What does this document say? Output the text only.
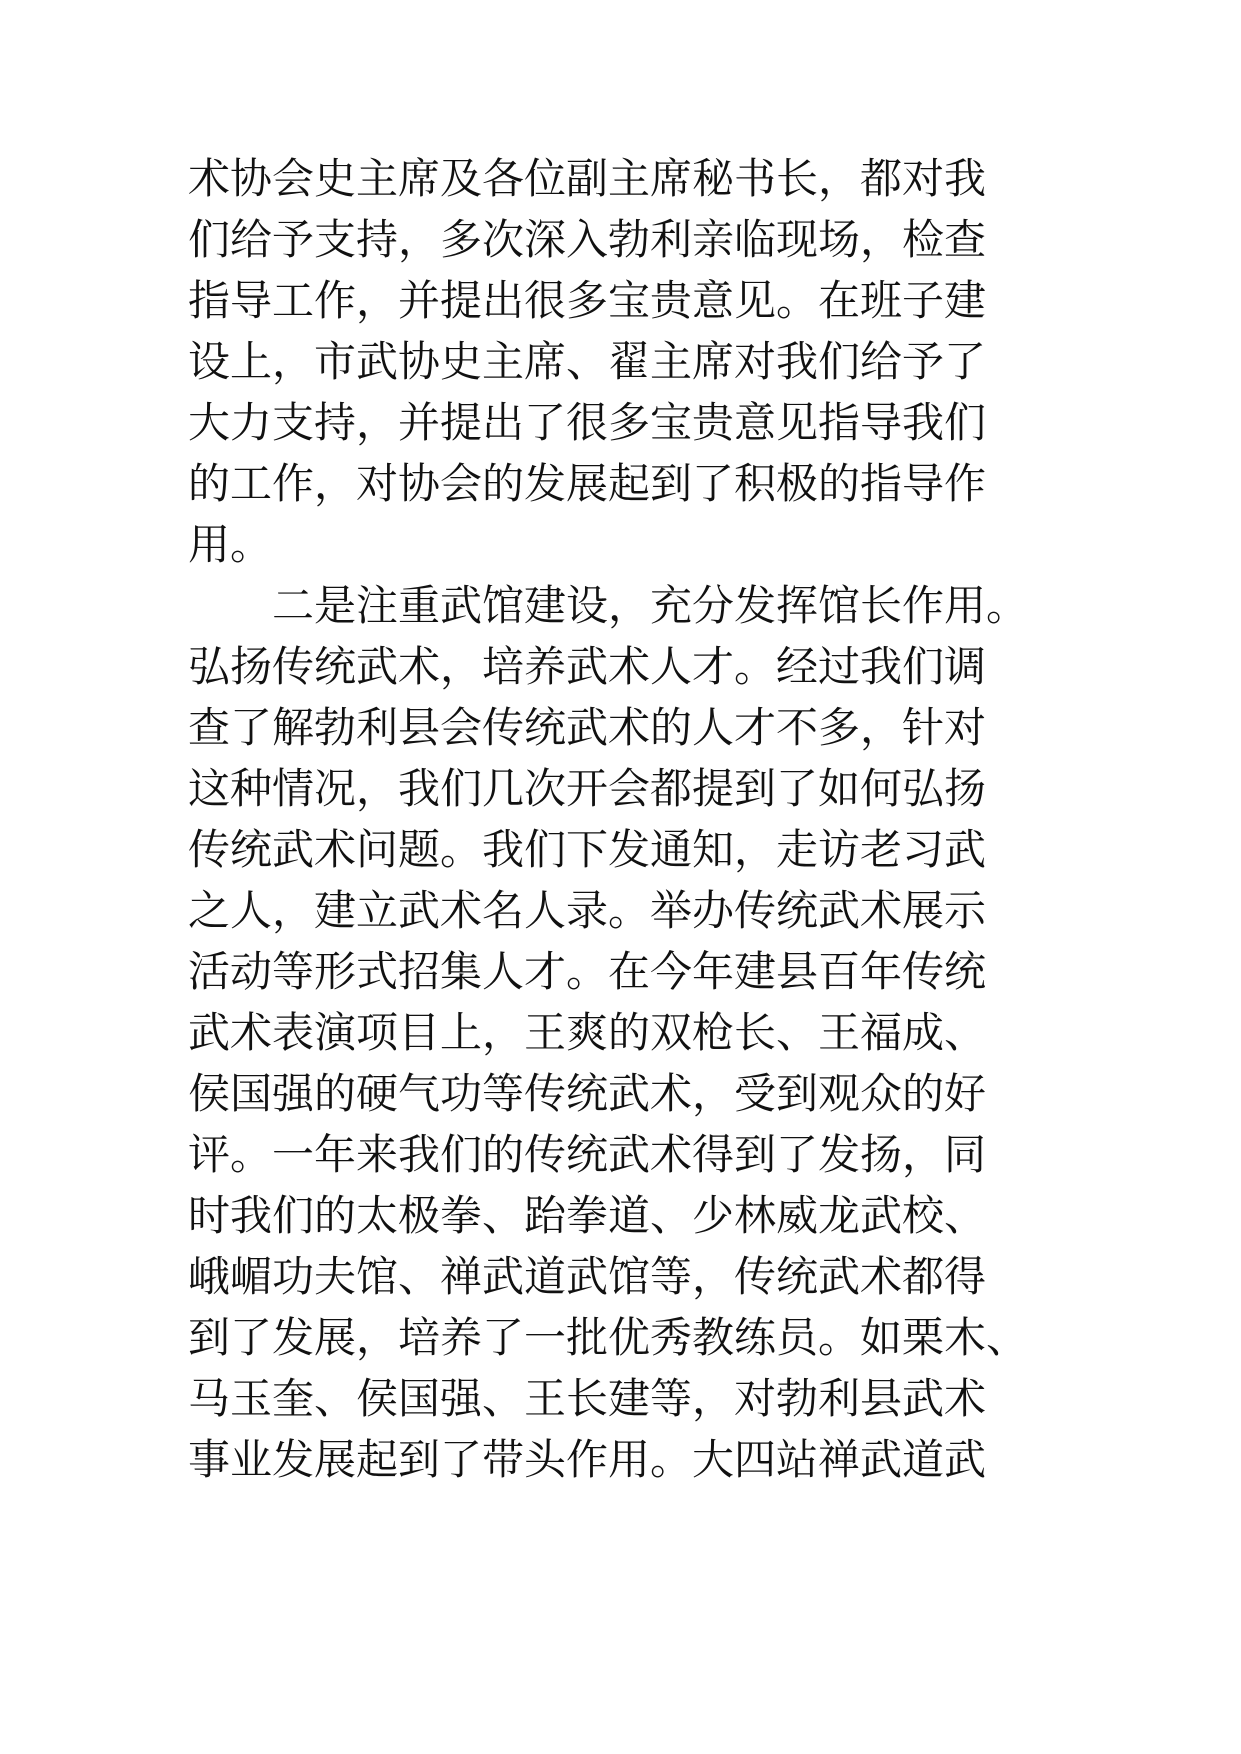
术协会史主席及各位副主席秘书长，都对我
们给予支持，多次深入勃利亲临现场，检查
指导工作，并提出很多宝贵意见。在班子建
设上，市武协史主席、翟主席对我们给予了
大力支持，并提出了很多宝贵意见指导我们
的工作，对协会的发展起到了积极的指导作
用。
　　二是注重武馆建设，充分发挥馆长作用。
弘扬传统武术，培养武术人才。经过我们调
查了解勃利县会传统武术的人才不多，针对
这种情况，我们几次开会都提到了如何弘扬
传统武术问题。我们下发通知，走访老习武
之人，建立武术名人录。举办传统武术展示
活动等形式招集人才。在今年建县百年传统
武术表演项目上，王爽的双枪长、王福成、
侯国强的硬气功等传统武术，受到观众的好
评。一年来我们的传统武术得到了发扬，同
时我们的太极拳、跆拳道、少林威龙武校、
峨嵋功夫馆、禅武道武馆等，传统武术都得
到了发展，培养了一批优秀教练员。如栗木、
马玉奎、侯国强、王长建等，对勃利县武术
事业发展起到了带头作用。大四站禅武道武
